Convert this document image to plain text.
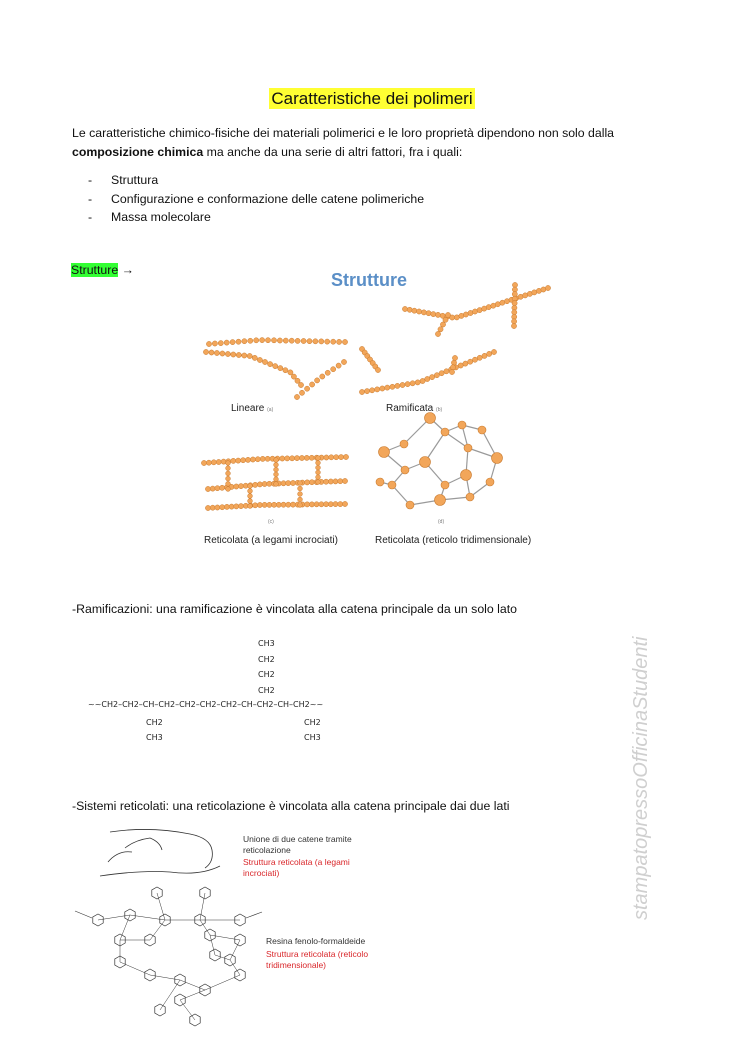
Caratteristiche dei polimeri
Le caratteristiche chimico-fisiche dei materiali polimerici e le loro proprietà dipendono non solo dalla
composizione chimica ma anche da una serie di altri fattori, fra i quali:
- Struttura
- Configurazione e conformazione delle catene polimeriche
- Massa molecolare
Strutture →	Strutture
Lineare (a)	Ramificata (b)
(c)	(d)
Reticolata (a legami incrociati)	Reticolata (reticolo tridimensionale)
-Ramificazioni: una ramificazione è vincolata alla catena principale da un solo lato
CH3
CH2
CH2
CH2
~~CH2–CH2–CH–CH2–CH2–CH2–CH2–CH–CH2–CH–CH2~~
CH2
CH3
CH2
CH3
-Sistemi reticolati: una reticolazione è vincolata alla catena principale dai due lati
Unione di due catene tramite reticolazione
Struttura reticolata (a legami incrociati)
Resina fenolo-formaldeide
Struttura reticolata (reticolo tridimensionale)
stampatopressoOfficinaStudenti
